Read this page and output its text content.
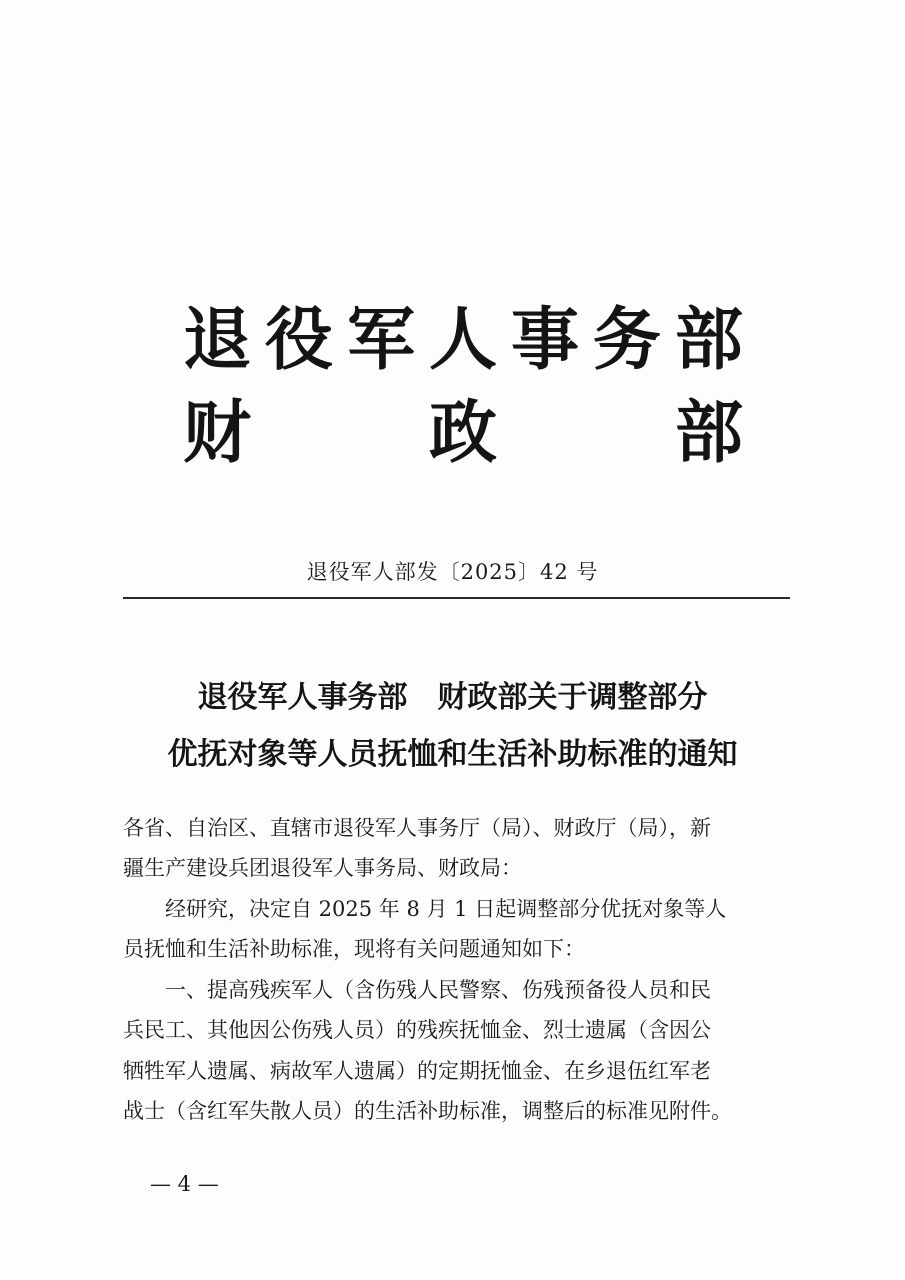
退 役 军 人 事 务 部
财	政	部
退役军人部发〔2025〕42 号
退役军人事务部　财政部关于调整部分
优抚对象等人员抚恤和生活补助标准的通知
各省、自治区、直辖市退役军人事务厅（局）、财政厅（局），新
疆生产建设兵团退役军人事务局、财政局：
　　经研究，决定自 2025 年 8 月 1 日起调整部分优抚对象等人
员抚恤和生活补助标准，现将有关问题通知如下：
　　一、提高残疾军人（含伤残人民警察、伤残预备役人员和民
兵民工、其他因公伤残人员）的残疾抚恤金、烈士遗属（含因公
牺牲军人遗属、病故军人遗属）的定期抚恤金、在乡退伍红军老
战士（含红军失散人员）的生活补助标准，调整后的标准见附件。
— 4 —
